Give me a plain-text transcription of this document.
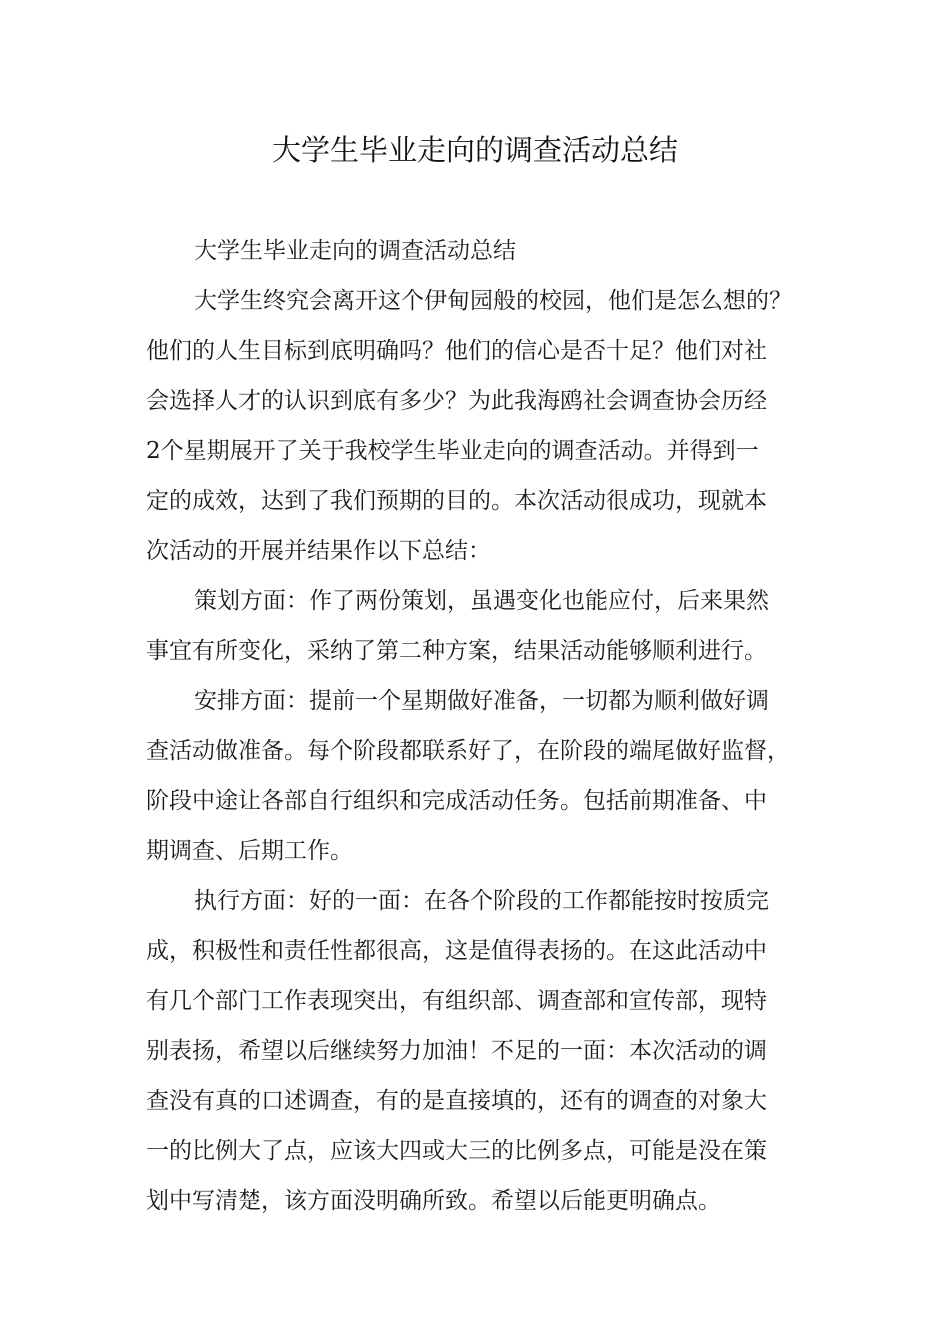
大学生毕业走向的调查活动总结
大学生毕业走向的调查活动总结
大学生终究会离开这个伊甸园般的校园，他们是怎么想的？
他们的人生目标到底明确吗？他们的信心是否十足？他们对社
会选择人才的认识到底有多少？为此我海鸥社会调查协会历经
2个星期展开了关于我校学生毕业走向的调查活动。并得到一
定的成效，达到了我们预期的目的。本次活动很成功，现就本
次活动的开展并结果作以下总结：
策划方面：作了两份策划，虽遇变化也能应付，后来果然
事宜有所变化，采纳了第二种方案，结果活动能够顺利进行。
安排方面：提前一个星期做好准备，一切都为顺利做好调
查活动做准备。每个阶段都联系好了，在阶段的端尾做好监督，
阶段中途让各部自行组织和完成活动任务。包括前期准备、中
期调查、后期工作。
执行方面：好的一面：在各个阶段的工作都能按时按质完
成，积极性和责任性都很高，这是值得表扬的。在这此活动中
有几个部门工作表现突出，有组织部、调查部和宣传部，现特
别表扬，希望以后继续努力加油！不足的一面：本次活动的调
查没有真的口述调查，有的是直接填的，还有的调查的对象大
一的比例大了点，应该大四或大三的比例多点，可能是没在策
划中写清楚，该方面没明确所致。希望以后能更明确点。
